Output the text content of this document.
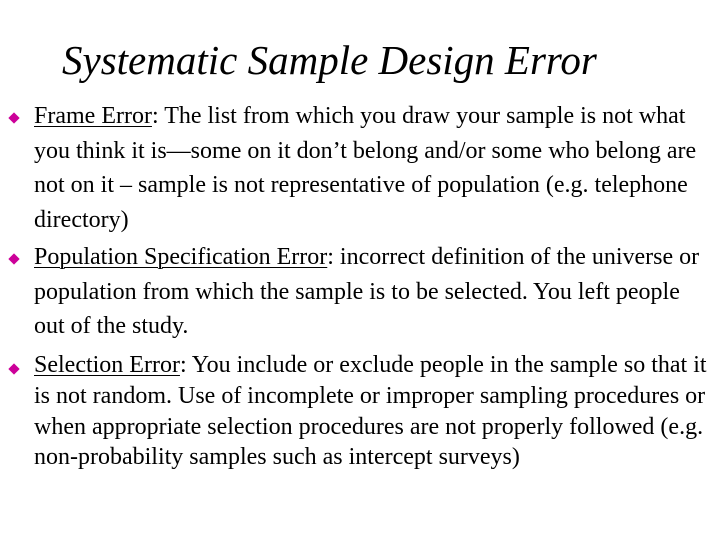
Systematic Sample Design Error
Frame Error: The list from which you draw your sample is not what you think it is—some on it don’t belong and/or some who belong are not on it – sample is not representative of population (e.g. telephone directory)
Population Specification Error: incorrect definition of the universe or population from which the sample is to be selected. You left people out of the study.
Selection Error: You include or exclude people in the sample so that it is not random. Use of incomplete or improper sampling procedures or when appropriate selection procedures are not properly followed (e.g. non-probability samples such as intercept surveys)
